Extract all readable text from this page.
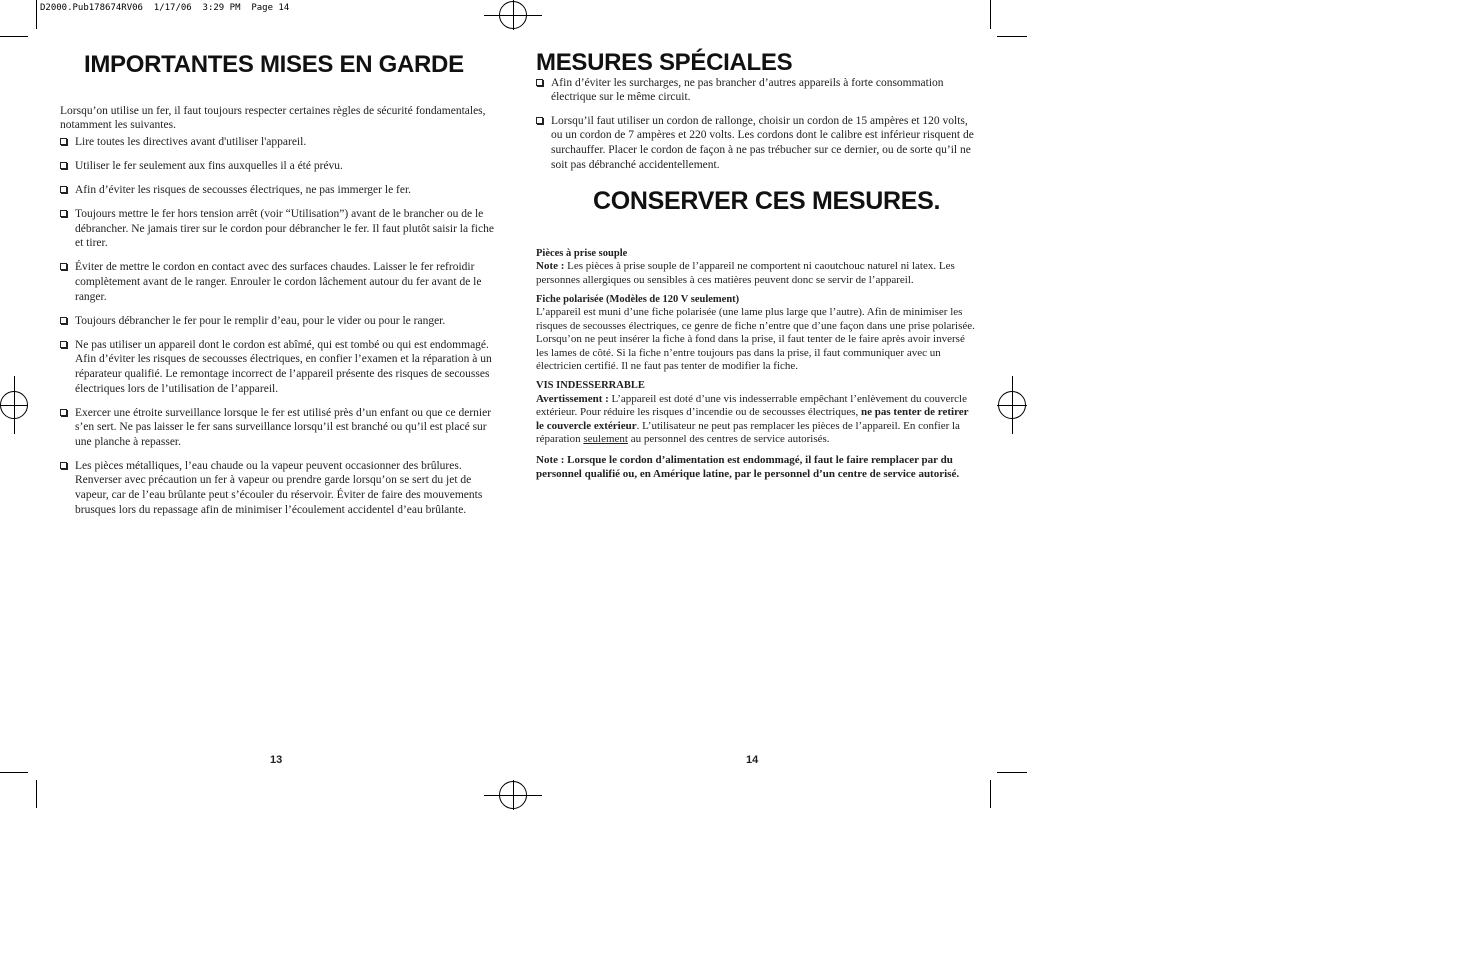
D2000.Pub178674RV06  1/17/06  3:29 PM  Page 14
IMPORTANTES MISES EN GARDE

Lorsqu’on utilise un fer, il faut toujours respecter certaines règles de sécurité fondamentales, notamment les suivantes.

Lire toutes les directives avant d'utiliser l'appareil.
Utiliser le fer seulement aux fins auxquelles il a été prévu.
Afin d’éviter les risques de secousses électriques, ne pas immerger le fer.
Toujours mettre le fer hors tension arrêt (voir “Utilisation”) avant de le brancher ou de le débrancher. Ne jamais tirer sur le cordon pour débrancher le fer. Il faut plutôt saisir la fiche et tirer.
Éviter de mettre le cordon en contact avec des surfaces chaudes. Laisser le fer refroidir complètement avant de le ranger. Enrouler le cordon lâchement autour du fer avant de le ranger.
Toujours débrancher le fer pour le remplir d’eau, pour le vider ou pour le ranger.
Ne pas utiliser un appareil dont le cordon est abîmé, qui est tombé ou qui est endommagé. Afin d’éviter les risques de secousses électriques, en confier l’examen et la réparation à un réparateur qualifié. Le remontage incorrect de l’appareil présente des risques de secousses électriques lors de l’utilisation de l’appareil.
Exercer une étroite surveillance lorsque le fer est utilisé près d’un enfant ou que ce dernier s’en sert. Ne pas laisser le fer sans surveillance lorsqu’il est branché ou qu’il est placé sur une planche à repasser.
Les pièces métalliques, l’eau chaude ou la vapeur peuvent occasionner des brûlures. Renverser avec précaution un fer à vapeur ou prendre garde lorsqu’on se sert du jet de vapeur, car de l’eau brûlante peut s’écouler du réservoir. Éviter de faire des mouvements brusques lors du repassage afin de minimiser l’écoulement accidentel d’eau brûlante.
13
MESURES SPÉCIALES
Afin d’éviter les surcharges, ne pas brancher d’autres appareils à forte consommation électrique sur le même circuit.
Lorsqu’il faut utiliser un cordon de rallonge, choisir un cordon de 15 ampères et 120 volts, ou un cordon de 7 ampères et 220 volts. Les cordons dont le calibre est inférieur risquent de surchauffer. Placer le cordon de façon à ne pas trébucher sur ce dernier, ou de sorte qu’il ne soit pas débranché accidentellement.
CONSERVER CES MESURES.

Pièces à prise souple

Note : Les pièces à prise souple de l’appareil ne comportent ni caoutchouc naturel ni latex. Les personnes allergiques ou sensibles à ces matières peuvent donc se servir de l’appareil.

Fiche polarisée (Modèles de 120 V seulement)

L’appareil est muni d’une fiche polarisée (une lame plus large que l’autre). Afin de minimiser les risques de secousses électriques, ce genre de fiche n’entre que d’une façon dans une prise polarisée. Lorsqu’on ne peut insérer la fiche à fond dans la prise, il faut tenter de le faire après avoir inversé les lames de côté. Si la fiche n’entre toujours pas dans la prise, il faut communiquer avec un électricien certifié. Il ne faut pas tenter de modifier la fiche.

VIS INDESSERRABLE

Avertissement : L’appareil est doté d’une vis indesserrable empêchant l’enlèvement du couvercle extérieur. Pour réduire les risques d’incendie ou de secousses électriques, ne pas tenter de retirer le couvercle extérieur. L’utilisateur ne peut pas remplacer les pièces de l’appareil. En confier la réparation seulement au personnel des centres de service autorisés.

Note : Lorsque le cordon d’alimentation est endommagé, il faut le faire remplacer par du personnel qualifié ou, en Amérique latine, par le personnel d’un centre de service autorisé.

14
